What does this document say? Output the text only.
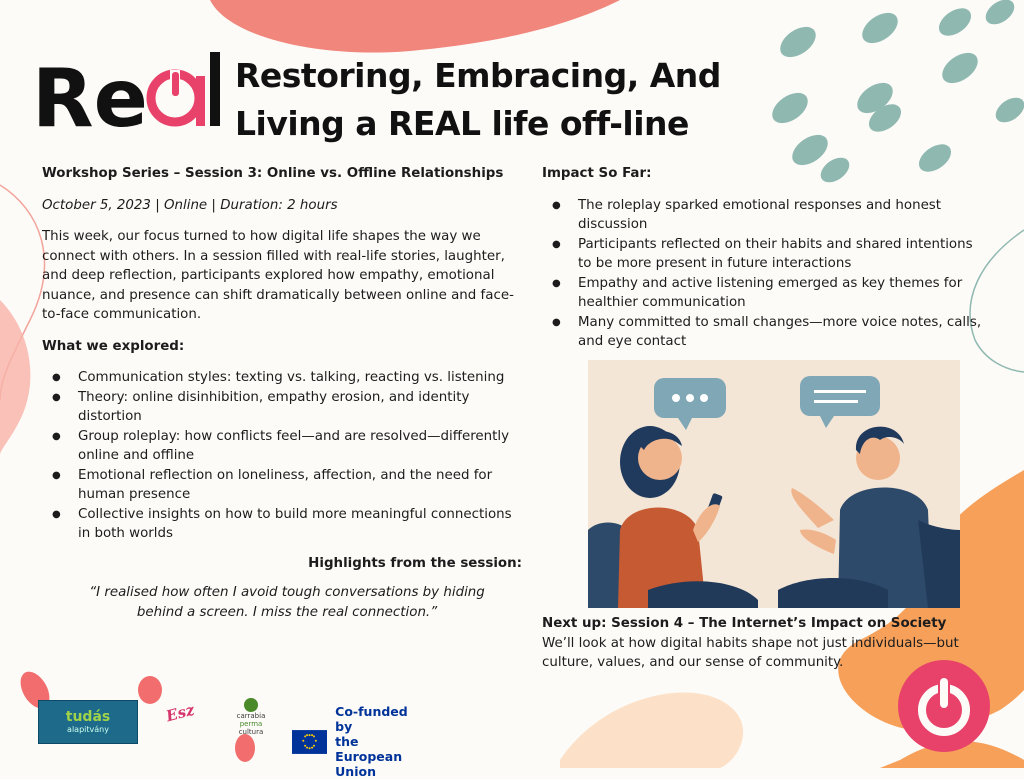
Re	Restoring, Embracing, And
Living a REAL life off-line
Workshop Series – Session 3: Online vs. Offline Relationships
October 5, 2023 | Online | Duration: 2 hours

This week, our focus turned to how digital life shapes the way we connect with others. In a session filled with real-life stories, laughter, and deep reflection, participants explored how empathy, emotional nuance, and presence can shift dramatically between online and face-to-face communication.

What we explored:
● Communication styles: texting vs. talking, reacting vs. listening
● Theory: online disinhibition, empathy erosion, and identity distortion
● Group roleplay: how conflicts feel—and are resolved—differently online and offline
● Emotional reflection on loneliness, affection, and the need for human presence
● Collective insights on how to build more meaningful connections in both worlds
Highlights from the session:
“I realised how often I avoid tough conversations by hiding behind a screen. I miss the real connection.”
Impact So Far:
● The roleplay sparked emotional responses and honest discussion
● Participants reflected on their habits and shared intentions to be more present in future interactions
● Empathy and active listening emerged as key themes for healthier communication
● Many committed to small changes—more voice notes, calls, and eye contact
Next up: Session 4 – The Internet’s Impact on Society
We’ll look at how digital habits shape not just individuals—but culture, values, and our sense of community.
tudás
alapitvány
Esz	carrabia
perma
cultura
Co-funded by
the European Union
